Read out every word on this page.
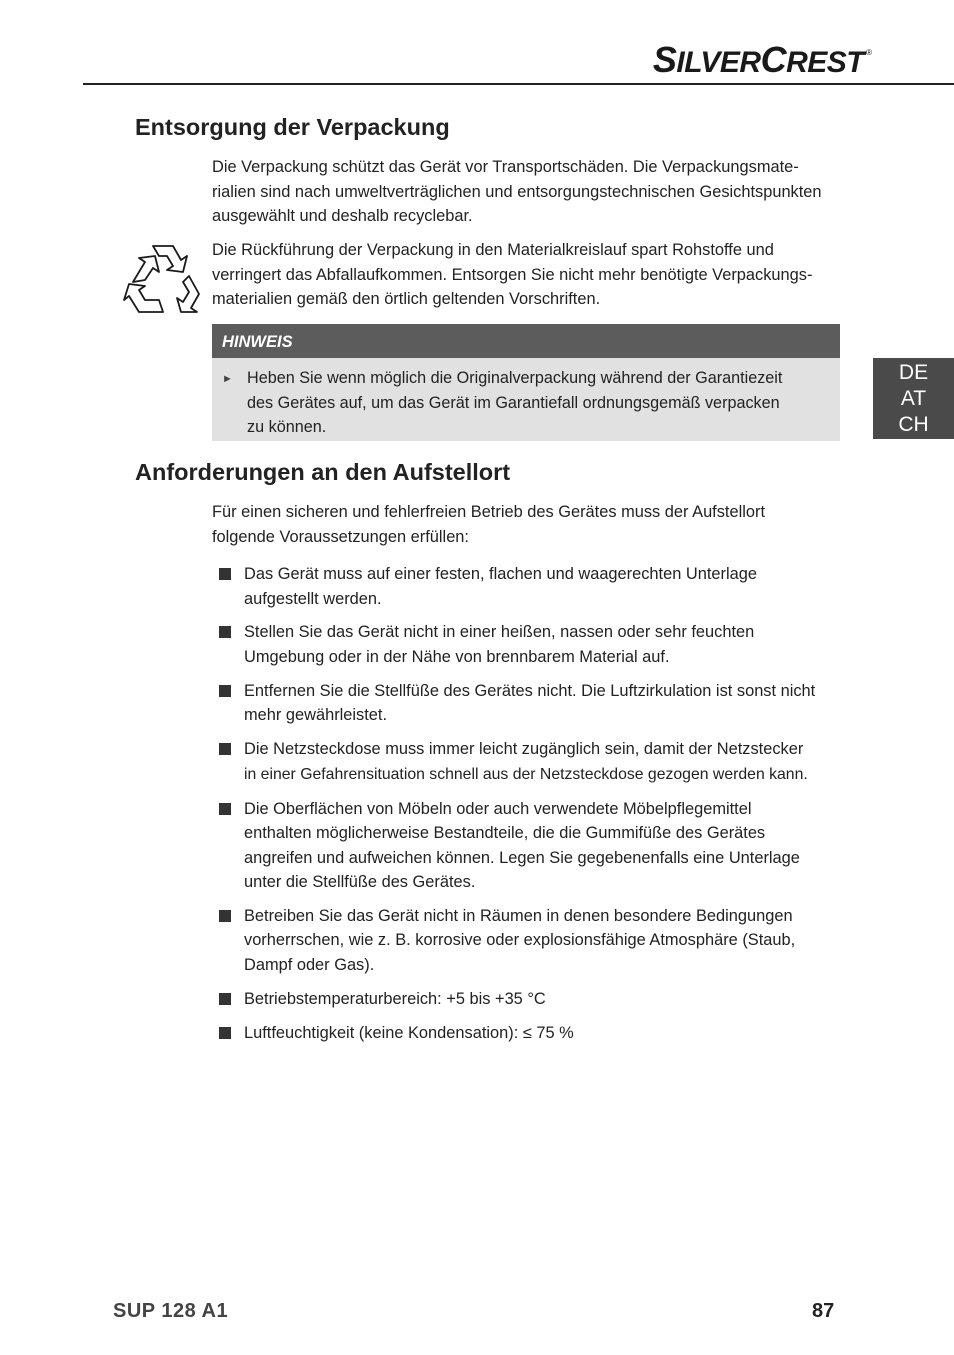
SILVERCREST ®
DE
AT
CH
Entsorgung der Verpackung

Die Verpackung schützt das Gerät vor Transportschäden. Die Verpackungsmate-
rialien sind nach umweltverträglichen und entsorgungstechnischen Gesichtspunkten
ausgewählt und deshalb recyclebar.

Die Rückführung der Verpackung in den Materialkreislauf spart Rohstoffe und
verringert das Abfallaufkommen. Entsorgen Sie nicht mehr benötigte Verpackungs-
materialien gemäß den örtlich geltenden Vorschriften.

HINWEIS
► Heben Sie wenn möglich die Originalverpackung während der Garantiezeit
des Gerätes auf, um das Gerät im Garantiefall ordnungsgemäß verpacken
zu können.
Anforderungen an den Aufstellort

Für einen sicheren und fehlerfreien Betrieb des Gerätes muss der Aufstellort
folgende Voraussetzungen erfüllen:

Das Gerät muss auf einer festen, flachen und waagerechten Unterlage
aufgestellt werden.
Stellen Sie das Gerät nicht in einer heißen, nassen oder sehr feuchten
Umgebung oder in der Nähe von brennbarem Material auf.
Entfernen Sie die Stellfüße des Gerätes nicht. Die Luftzirkulation ist sonst nicht
mehr gewährleistet.
Die Netzsteckdose muss immer leicht zugänglich sein, damit der Netzstecker
in einer Gefahrensituation schnell aus der Netzsteckdose gezogen werden kann.
Die Oberflächen von Möbeln oder auch verwendete Möbelpflegemittel
enthalten möglicherweise Bestandteile, die die Gummifüße des Gerätes
angreifen und aufweichen können. Legen Sie gegebenenfalls eine Unterlage
unter die Stellfüße des Gerätes.
Betreiben Sie das Gerät nicht in Räumen in denen besondere Bedingungen
vorherrschen, wie z. B. korrosive oder explosionsfähige Atmosphäre (Staub,
Dampf oder Gas).
Betriebstemperaturbereich: +5 bis +35 °C
Luftfeuchtigkeit (keine Kondensation): ≤ 75 %
SUP 128 A1	87
